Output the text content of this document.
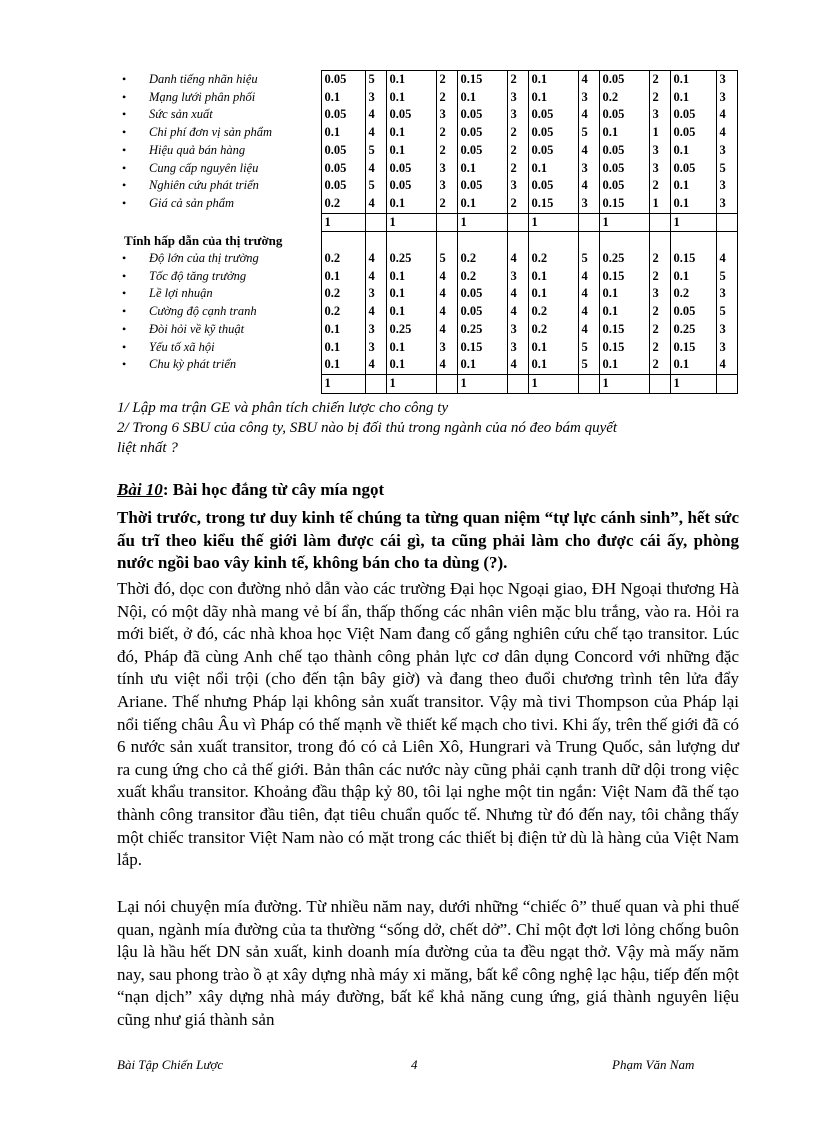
• Danh tiếng nhãn hiệu	0.05	5	0.1	2	0.15	2	0.1	4	0.05	2	0.1	3
• Mạng lưới phân phối	0.1	3	0.1	2	0.1	3	0.1	3	0.2	2	0.1	3
• Sức sản xuất	0.05	4	0.05	3	0.05	3	0.05	4	0.05	3	0.05	4
• Chi phí đơn vị sản phẩm	0.1	4	0.1	2	0.05	2	0.05	5	0.1	1	0.05	4
• Hiệu quả bán hàng	0.05	5	0.1	2	0.05	2	0.05	4	0.05	3	0.1	3
• Cung cấp nguyên liệu	0.05	4	0.05	3	0.1	2	0.1	3	0.05	3	0.05	5
• Nghiên cứu phát triển	0.05	5	0.05	3	0.05	3	0.05	4	0.05	2	0.1	3
• Giá cả sản phẩm	0.2	4	0.1	2	0.1	2	0.15	3	0.15	1	0.1	3
	1		1		1		1		1		1	
Tính hấp dẫn của thị trường												
• Độ lớn của thị trường	0.2	4	0.25	5	0.2	4	0.2	5	0.25	2	0.15	4
• Tốc độ tăng trưởng	0.1	4	0.1	4	0.2	3	0.1	4	0.15	2	0.1	5
• Lề lợi nhuận	0.2	3	0.1	4	0.05	4	0.1	4	0.1	3	0.2	3
• Cường độ cạnh tranh	0.2	4	0.1	4	0.05	4	0.2	4	0.1	2	0.05	5
• Đòi hỏi về kỹ thuật	0.1	3	0.25	4	0.25	3	0.2	4	0.15	2	0.25	3
• Yếu tố xã hội	0.1	3	0.1	3	0.15	3	0.1	5	0.15	2	0.15	3
• Chu kỳ phát triển	0.1	4	0.1	4	0.1	4	0.1	5	0.1	2	0.1	4
	1		1		1		1		1		1	
1/ Lập ma trận GE và phân tích chiến lược cho công ty
2/ Trong 6 SBU của công ty, SBU nào bị đối thủ trong ngành của nó đeo bám quyết
liệt nhất ?
Bài 10: Bài học đắng từ cây mía ngọt
Thời trước, trong tư duy kinh tế chúng ta từng quan niệm “tự lực cánh sinh”, hết sức ấu trĩ theo kiểu thế giới làm được cái gì, ta cũng phải làm cho được cái ấy, phòng nước ngồi bao vây kinh tế, không bán cho ta dùng (?).
Thời đó, dọc con đường nhỏ dẫn vào các trường Đại học Ngoại giao, ĐH Ngoại thương Hà Nội, có một dãy nhà mang vẻ bí ẩn, thấp thống các nhân viên mặc blu trắng, vào ra. Hỏi ra mới biết, ở đó, các nhà khoa học Việt Nam đang cố gắng nghiên cứu chế tạo transitor. Lúc đó, Pháp đã cùng Anh chế tạo thành công phản lực cơ dân dụng Concord với những đặc tính ưu việt nổi trội (cho đến tận bây giờ) và đang theo đuổi chương trình tên lửa đẩy Ariane. Thế nhưng Pháp lại không sản xuất transitor. Vậy mà tivi Thompson của Pháp lại nổi tiếng châu Âu vì Pháp có thế mạnh về thiết kế mạch cho tivi. Khi ấy, trên thế giới đã có 6 nước sản xuất transitor, trong đó có cả Liên Xô, Hungrari và Trung Quốc, sản lượng dư ra cung ứng cho cả thế giới. Bản thân các nước này cũng phải cạnh tranh dữ dội trong việc xuất khẩu transitor. Khoảng đầu thập kỷ 80, tôi lại nghe một tin ngắn: Việt Nam đã thế tạo thành công transitor đầu tiên, đạt tiêu chuẩn quốc tế. Nhưng từ đó đến nay, tôi chẳng thấy một chiếc transitor Việt Nam nào có mặt trong các thiết bị điện tử dù là hàng của Việt Nam lắp.
Lại nói chuyện mía đường. Từ nhiều năm nay, dưới những “chiếc ô” thuế quan và phi thuế quan, ngành mía đường của ta thường “sống dở, chết dở”. Chỉ một đợt lơi lỏng chống buôn lậu là hầu hết DN sản xuất, kinh doanh mía đường của ta đều ngạt thở. Vậy mà mấy năm nay, sau phong trào ồ ạt xây dựng nhà máy xi măng, bất kể công nghệ lạc hậu, tiếp đến một “nạn dịch” xây dựng nhà máy đường, bất kể khả năng cung ứng, giá thành nguyên liệu cũng như giá thành sản
Bài Tập Chiến Lược	4	Phạm Văn Nam
